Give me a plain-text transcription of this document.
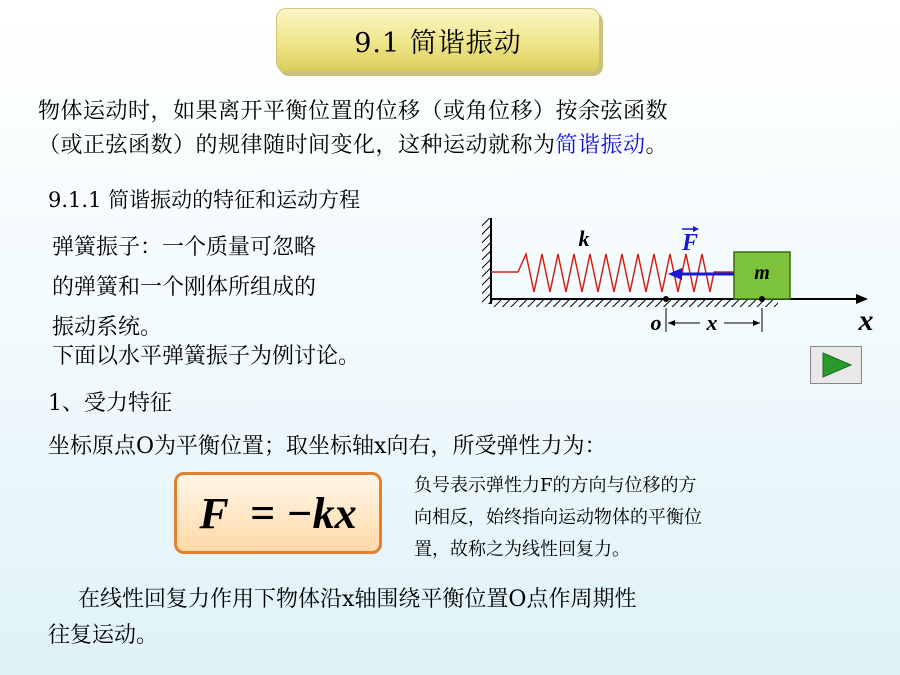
9.1 简谐振动
物体运动时，如果离开平衡位置的位移（或角位移）按余弦函数
（或正弦函数）的规律随时间变化，这种运动就称为简谐振动。
9.1.1 简谐振动的特征和运动方程
弹簧振子：一个质量可忽略
的弹簧和一个刚体所组成的
振动系统。
下面以水平弹簧振子为例讨论。
m
F
k
o x	x
1、受力特征
坐标原点O为平衡位置；取坐标轴x向右，所受弹性力为：
F  = −kx
负号表示弹性力F的方向与位移的方
向相反，始终指向运动物体的平衡位
置，故称之为线性回复力。
在线性回复力作用下物体沿x轴围绕平衡位置O点作周期性
往复运动。
